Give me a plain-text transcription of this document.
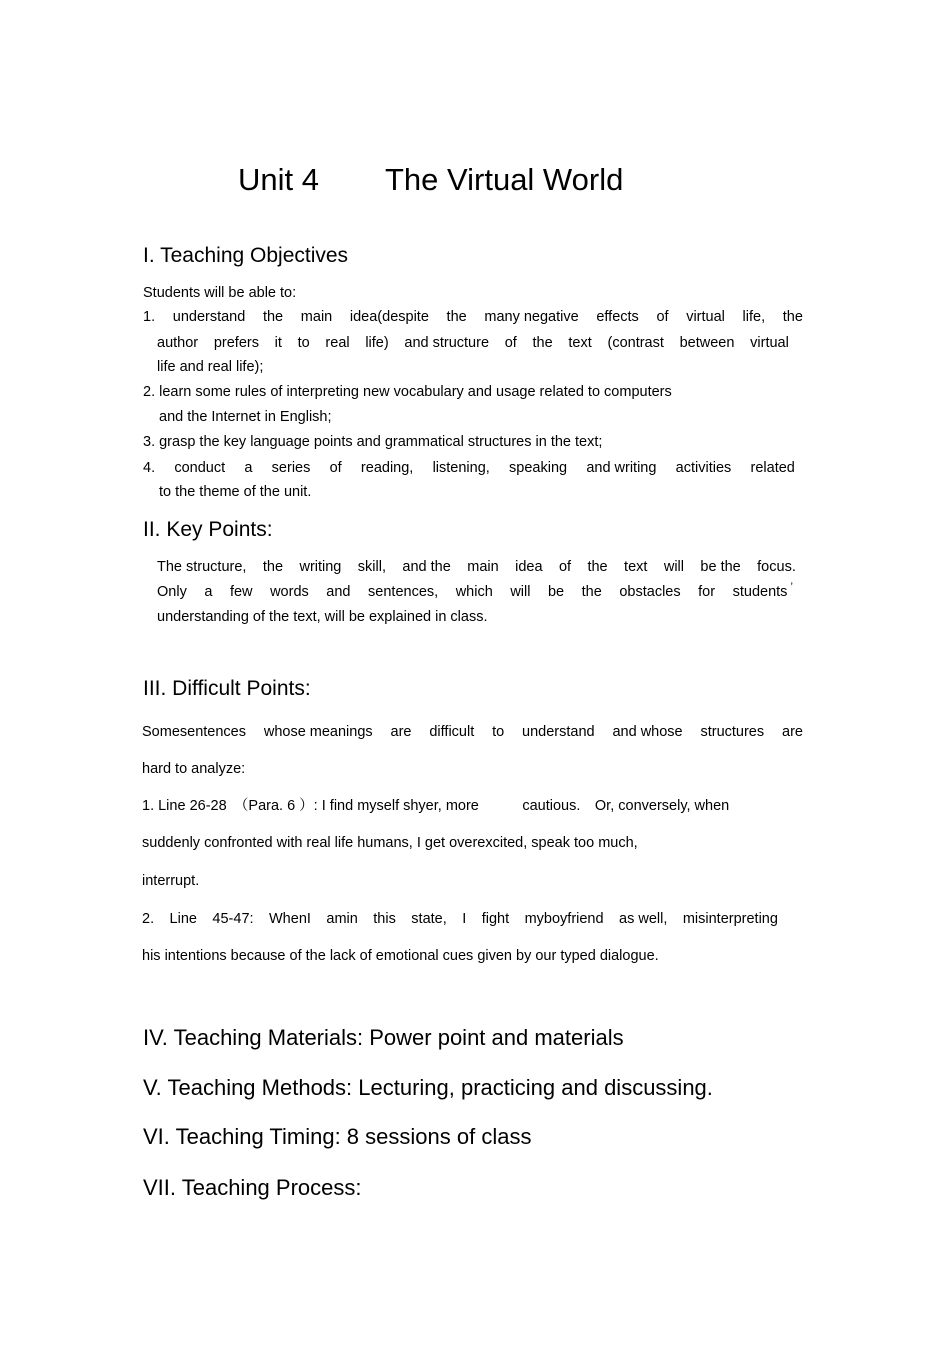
Unit 4 The Virtual World
I. Teaching Objectives
Students will be able to:
1. understand the main idea(despite the many negative effects of virtual life, the
author prefers it to real life) and structure of the text (contrast between virtual
life and real life);
2. learn some rules of interpreting new vocabulary and usage related to computers
and the Internet in English;
3. grasp the key language points and grammatical structures in the text;
4. conduct a series of reading, listening, speaking and writing activities related
to the theme of the unit.
II. Key Points:
The structure, the writing skill, and the main idea of the text will be the focus.
Only a few words and sentences, which will be the obstacles for students ’
understanding of the text, will be explained in class.
III. Difficult Points:
Somesentences whose meanings are difficult to understand and whose structures are
hard to analyze:
1. Line 26-28　（Para. 6 ）: I find myself shyer, more　　　cautious.　Or, conversely, when
suddenly confronted with real life humans, I get overexcited, speak too much,
interrupt.
2. Line 45-47: WhenI amin this state, I fight myboyfriend as well, misinterpreting
his intentions because of the lack of emotional cues given by our typed dialogue.
IV. Teaching Materials: Power point and materials
V. Teaching Methods: Lecturing, practicing and discussing.
VI. Teaching Timing: 8 sessions of class
VII. Teaching Process:
